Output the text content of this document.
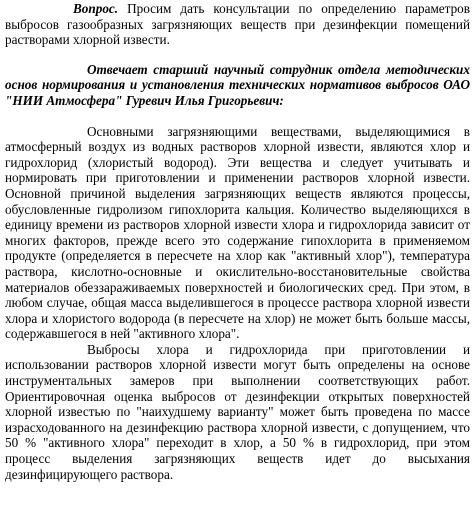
Вопрос. Просим дать консультации по определению параметров выбросов газообразных загрязняющих веществ при дезинфекции помещений растворами хлорной извести.

Отвечает старший научный сотрудник отдела методических основ нормирования и установления технических нормативов выбросов ОАО "НИИ Атмосфера" Гуревич Илья Григорьевич:

Основными загрязняющими веществами, выделяющимися в атмосферный воздух из водных растворов хлорной извести, являются хлор и гидрохлорид (хлористый водород). Эти вещества и следует учитывать и нормировать при приготовлении и применении растворов хлорной извести. Основной причиной выделения загрязняющих веществ являются процессы, обусловленные гидролизом гипохлорита кальция. Количество выделяющихся в единицу времени из растворов хлорной извести хлора и гидрохлорида зависит от многих факторов, прежде всего это содержание гипохлорита в применяемом продукте (определяется в пересчете на хлор как "активный хлор"), температура раствора, кислотно-основные и окислительно-восстановительные свойства материалов обеззараживаемых поверхностей и биологических сред. При этом, в любом случае, общая масса выделившегося в процессе раствора хлорной извести хлора и хлористого водорода (в пересчете на хлор) не может быть больше массы, содержавшегося в ней "активного хлора".

Выбросы хлора и гидрохлорида при приготовлении и использовании растворов хлорной извести могут быть определены на основе инструментальных замеров при выполнении соответствующих работ. Ориентировочная оценка выбросов от дезинфекции открытых поверхностей хлорной известью по "наихудшему варианту" может быть проведена по массе израсходованного на дезинфекцию раствора хлорной извести, с допущением, что 50 % "активного хлора" переходит в хлор, а 50 % в гидрохлорид, при этом процесс выделения загрязняющих веществ идет до высыхания дезинфицирующего раствора.
